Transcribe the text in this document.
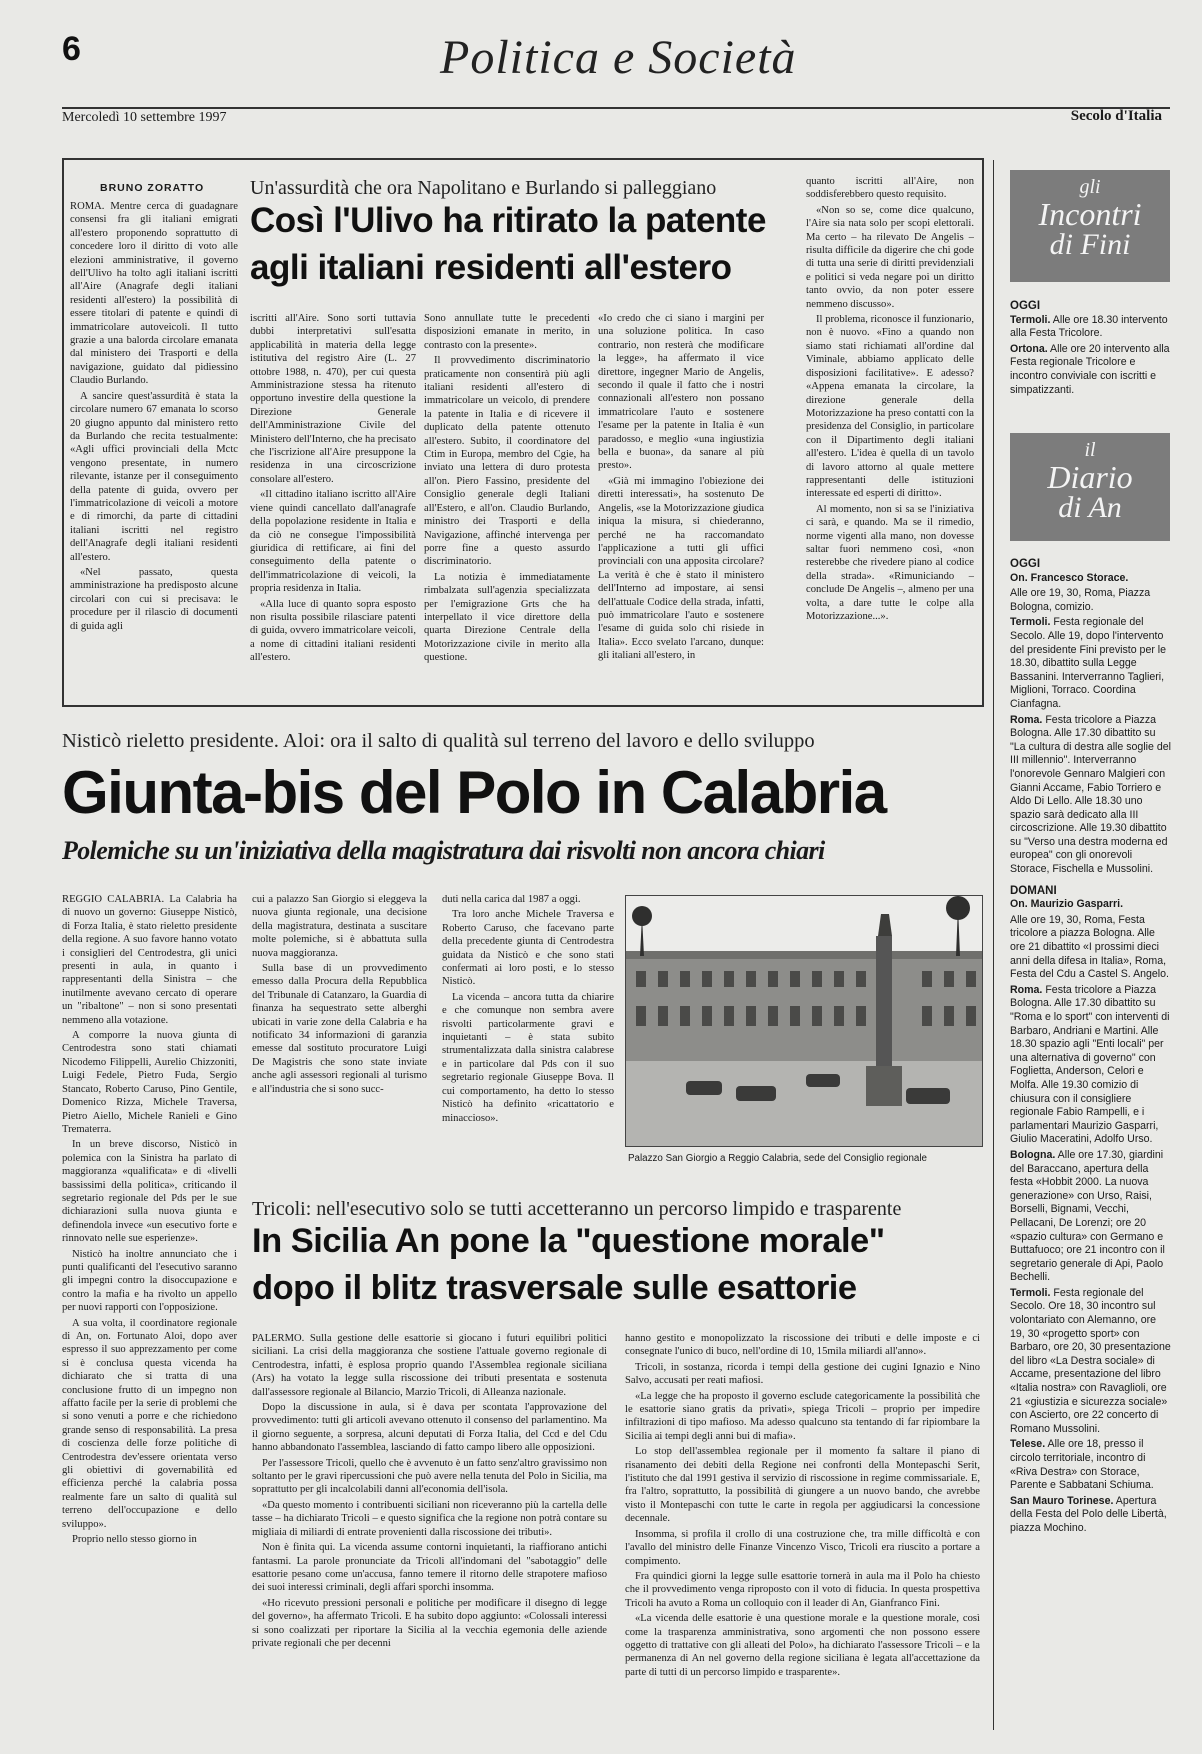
6	Politica e Società
Mercoledì 10 settembre 1997	Secolo d'Italia
BRUNO ZORATTO

ROMA. Mentre cerca di guadagnare consensi fra gli italiani emigrati all'estero proponendo soprattutto di concedere loro il diritto di voto alle elezioni amministrative, il governo dell'Ulivo ha tolto agli italiani iscritti all'Aire (Anagrafe degli italiani residenti all'estero) la possibilità di essere titolari di patente e quindi di immatricolare autoveicoli. Il tutto grazie a una balorda circolare emanata dal ministero dei Trasporti e della navigazione, guidato dal pidiessino Claudio Burlando.

A sancire quest'assurdità è stata la circolare numero 67 emanata lo scorso 20 giugno appunto dal ministero retto da Burlando che recita testualmente: «Agli uffici provinciali della Mctc vengono presentate, in numero rilevante, istanze per il conseguimento della patente di guida, ovvero per l'immatricolazione di veicoli a motore e di rimorchi, da parte di cittadini italiani iscritti nel registro dell'Anagrafe degli italiani residenti all'estero.

«Nel passato, questa amministrazione ha predisposto alcune circolari con cui si precisava: le procedure per il rilascio di documenti di guida agli

Un'assurdità che ora Napolitano e Burlando si palleggiano
Così l'Ulivo ha ritirato la patente
agli italiani residenti all'estero

iscritti all'Aire. Sono sorti tuttavia dubbi interpretativi sull'esatta applicabilità in materia della legge istitutiva del registro Aire (L. 27 ottobre 1988, n. 470), per cui questa Amministrazione stessa ha ritenuto opportuno investire della questione la Direzione Generale dell'Amministrazione Civile del Ministero dell'Interno, che ha precisato che l'iscrizione all'Aire presuppone la residenza in una circoscrizione consolare all'estero.

«Il cittadino italiano iscritto all'Aire viene quindi cancellato dall'anagrafe della popolazione residente in Italia e da ciò ne consegue l'impossibilità giuridica di rettificare, ai fini del conseguimento della patente o dell'immatricolazione di veicoli, la propria residenza in Italia.

«Alla luce di quanto sopra esposto non risulta possibile rilasciare patenti di guida, ovvero immatricolare veicoli, a nome di cittadini italiani residenti all'estero.

Sono annullate tutte le precedenti disposizioni emanate in merito, in contrasto con la presente».

Il provvedimento discriminatorio praticamente non consentirà più agli italiani residenti all'estero di immatricolare un veicolo, di prendere la patente in Italia e di ricevere il duplicato della patente ottenuto all'estero. Subito, il coordinatore del Ctim in Europa, membro del Cgie, ha inviato una lettera di duro protesta all'on. Piero Fassino, presidente del Consiglio generale degli Italiani all'Estero, e all'on. Claudio Burlando, ministro dei Trasporti e della Navigazione, affinché intervenga per porre fine a questo assurdo discriminatorio.

La notizia è immediatamente rimbalzata sull'agenzia specializzata per l'emigrazione Grts che ha interpellato il vice direttore della quarta Direzione Centrale della Motorizzazione civile in merito alla questione.

«Io credo che ci siano i margini per una soluzione politica. In caso contrario, non resterà che modificare la legge», ha affermato il vice direttore, ingegner Mario de Angelis, secondo il quale il fatto che i nostri connazionali all'estero non possano immatricolare l'auto e sostenere l'esame per la patente in Italia è «un paradosso, e meglio «una ingiustizia bella e buona», da sanare al più presto».

«Già mi immagino l'obiezione dei diretti interessati», ha sostenuto De Angelis, «se la Motorizzazione giudica iniqua la misura, si chiederanno, perché ne ha raccomandato l'applicazione a tutti gli uffici provinciali con una apposita circolare? La verità è che è stato il ministero dell'Interno ad impostare, ai sensi dell'attuale Codice della strada, infatti, può immatricolare l'auto e sostenere l'esame di guida solo chi risiede in Italia». Ecco svelato l'arcano, dunque: gli italiani all'estero, in

quanto iscritti all'Aire, non soddisferebbero questo requisito.

«Non so se, come dice qualcuno, l'Aire sia nata solo per scopi elettorali. Ma certo – ha rilevato De Angelis – risulta difficile da digerire che chi gode di tutta una serie di diritti previdenziali e politici si veda negare poi un diritto tanto ovvio, da non poter essere nemmeno discusso».

Il problema, riconosce il funzionario, non è nuovo. «Fino a quando non siamo stati richiamati all'ordine dal Viminale, abbiamo applicato delle disposizioni facilitative». E adesso? «Appena emanata la circolare, la direzione generale della Motorizzazione ha preso contatti con la presidenza del Consiglio, in particolare con il Dipartimento degli italiani all'estero. L'idea è quella di un tavolo di lavoro attorno al quale mettere rappresentanti delle istituzioni interessate ed esperti di diritto».

Al momento, non si sa se l'iniziativa ci sarà, e quando. Ma se il rimedio, norme vigenti alla mano, non dovesse saltar fuori nemmeno così, «non resterebbe che rivedere piano al codice della strada». «Rimuniciando – conclude De Angelis –, almeno per una volta, a dare tutte le colpe alla Motorizzazione...».

Nisticò rieletto presidente. Aloi: ora il salto di qualità sul terreno del lavoro e dello sviluppo
Giunta-bis del Polo in Calabria
Polemiche su un'iniziativa della magistratura dai risvolti non ancora chiari

REGGIO CALABRIA. La Calabria ha di nuovo un governo: Giuseppe Nisticò, di Forza Italia, è stato rieletto presidente della regione. A suo favore hanno votato i consiglieri del Centrodestra, gli unici presenti in aula, in quanto i rappresentanti della Sinistra – che inutilmente avevano cercato di operare un "ribaltone" – non si sono presentati nemmeno alla votazione.

A comporre la nuova giunta di Centrodestra sono stati chiamati Nicodemo Filippelli, Aurelio Chizzoniti, Luigi Fedele, Pietro Fuda, Sergio Stancato, Roberto Caruso, Pino Gentile, Domenico Rizza, Michele Traversa, Pietro Aiello, Michele Ranieli e Gino Trematerra.

In un breve discorso, Nisticò in polemica con la Sinistra ha parlato di maggioranza «qualificata» e di «livelli bassissimi della politica», criticando il segretario regionale del Pds per le sue dichiarazioni sulla nuova giunta e definendola invece «un esecutivo forte e rinnovato nelle sue esperienze».

Nisticò ha inoltre annunciato che i punti qualificanti del l'esecutivo saranno gli impegni contro la disoccupazione e contro la mafia e ha rivolto un appello per nuovi rapporti con l'opposizione.

A sua volta, il coordinatore regionale di An, on. Fortunato Aloi, dopo aver espresso il suo apprezzamento per come si è conclusa questa vicenda ha dichiarato che si tratta di una conclusione frutto di un impegno non affatto facile per la serie di problemi che si sono venuti a porre e che richiedono grande senso di responsabilità. La presa di coscienza delle forze politiche di Centrodestra dev'essere orientata verso gli obiettivi di governabilità ed efficienza perché la calabria possa realmente fare un salto di qualità sul terreno dell'occupazione e dello sviluppo».

Proprio nello stesso giorno in

cui a palazzo San Giorgio si eleggeva la nuova giunta regionale, una decisione della magistratura, destinata a suscitare molte polemiche, si è abbattuta sulla nuova maggioranza.

Sulla base di un provvedimento emesso dalla Procura della Repubblica del Tribunale di Catanzaro, la Guardia di finanza ha sequestrato sette alberghi ubicati in varie zone della Calabria e ha notificato 34 informazioni di garanzia emesse dal sostituto procuratore Luigi De Magistris che sono state inviate anche agli assessori regionali al turismo e all'industria che si sono succ-

duti nella carica dal 1987 a oggi.

Tra loro anche Michele Traversa e Roberto Caruso, che facevano parte della precedente giunta di Centrodestra guidata da Nisticò e che sono stati confermati ai loro posti, e lo stesso Nisticò.

La vicenda – ancora tutta da chiarire e che comunque non sembra avere risvolti particolarmente gravi e inquietanti – è stata subito strumentalizzata dalla sinistra calabrese e in particolare dal Pds con il suo segretario regionale Giuseppe Bova. Il cui comportamento, ha detto lo stesso Nisticò ha definito «ricattatorio e minaccioso».

Palazzo San Giorgio a Reggio Calabria, sede del Consiglio regionale
Tricoli: nell'esecutivo solo se tutti accetteranno un percorso limpido e trasparente
In Sicilia An pone la "questione morale"
dopo il blitz trasversale sulle esattorie

PALERMO. Sulla gestione delle esattorie si giocano i futuri equilibri politici siciliani. La crisi della maggioranza che sostiene l'attuale governo regionale di Centrodestra, infatti, è esplosa proprio quando l'Assemblea regionale siciliana (Ars) ha votato la legge sulla riscossione dei tributi presentata e sostenuta dall'assessore regionale al Bilancio, Marzio Tricoli, di Alleanza nazionale.

Dopo la discussione in aula, si è dava per scontata l'approvazione del provvedimento: tutti gli articoli avevano ottenuto il consenso del parlamentino. Ma il giorno seguente, a sorpresa, alcuni deputati di Forza Italia, del Ccd e del Cdu hanno abbandonato l'assemblea, lasciando di fatto campo libero alle opposizioni.

Per l'assessore Tricoli, quello che è avvenuto è un fatto senz'altro gravissimo non soltanto per le gravi ripercussioni che può avere nella tenuta del Polo in Sicilia, ma soprattutto per gli incalcolabili danni all'economia dell'isola.

«Da questo momento i contribuenti siciliani non riceveranno più la cartella delle tasse – ha dichiarato Tricoli – e questo significa che la regione non potrà contare su migliaia di miliardi di entrate provenienti dalla riscossione dei tributi».

Non è finita qui. La vicenda assume contorni inquietanti, la riaffiorano antichi fantasmi. La parole pronunciate da Tricoli all'indomani del "sabotaggio" delle esattorie pesano come un'accusa, fanno temere il ritorno delle strapotere mafioso dei suoi interessi criminali, degli affari sporchi insomma.

«Ho ricevuto pressioni personali e politiche per modificare il disegno di legge del governo», ha affermato Tricoli. E ha subito dopo aggiunto: «Colossali interessi si sono coalizzati per riportare la Sicilia al la vecchia egemonia delle aziende private regionali che per decenni

hanno gestito e monopolizzato la riscossione dei tributi e delle imposte e ci consegnate l'unico di buco, nell'ordine di 10, 15mila miliardi all'anno».

Tricoli, in sostanza, ricorda i tempi della gestione dei cugini Ignazio e Nino Salvo, accusati per reati mafiosi.

«La legge che ha proposto il governo esclude categoricamente la possibilità che le esattorie siano gratis da privati», spiega Tricoli – proprio per impedire infiltrazioni di tipo mafioso. Ma adesso qualcuno sta tentando di far ripiombare la Sicilia ai tempi degli anni bui di mafia».

Lo stop dell'assemblea regionale per il momento fa saltare il piano di risanamento dei debiti della Regione nei confronti della Montepaschi Serit, l'istituto che dal 1991 gestiva il servizio di riscossione in regime commissariale. E, fra l'altro, soprattutto, la possibilità di giungere a un nuovo bando, che avrebbe visto il Montepaschi con tutte le carte in regola per aggiudicarsi la concessione decennale.

Insomma, si profila il crollo di una costruzione che, tra mille difficoltà e con l'avallo del ministro delle Finanze Vincenzo Visco, Tricoli era riuscito a portare a compimento.

Fra quindici giorni la legge sulle esattorie tornerà in aula ma il Polo ha chiesto che il provvedimento venga riproposto con il voto di fiducia. In questa prospettiva Tricoli ha avuto a Roma un colloquio con il leader di An, Gianfranco Fini.

«La vicenda delle esattorie è una questione morale e la questione morale, così come la trasparenza amministrativa, sono argomenti che non possono essere oggetto di trattative con gli alleati del Polo», ha dichiarato l'assessore Tricoli – e la permanenza di An nel governo della regione siciliana è legata all'accettazione da parte di tutti di un percorso limpido e trasparente».

gli
Incontri
di Fini
OGGI

Termoli. Alle ore 18.30 intervento alla Festa Tricolore.

Ortona. Alle ore 20 intervento alla Festa regionale Tricolore e incontro conviviale con iscritti e simpatizzanti.

il
Diario
di An
OGGI

On. Francesco Storace.

Alle ore 19, 30, Roma, Piazza Bologna, comizio.

Termoli. Festa regionale del Secolo. Alle 19, dopo l'intervento del presidente Fini previsto per le 18.30, dibattito sulla Legge Bassanini. Interverranno Taglieri, Miglioni, Torraco. Coordina Cianfagna.

Roma. Festa tricolore a Piazza Bologna. Alle 17.30 dibattito su "La cultura di destra alle soglie del III millennio". Interverranno l'onorevole Gennaro Malgieri con Gianni Accame, Fabio Torriero e Aldo Di Lello. Alle 18.30 uno spazio sarà dedicato alla III circoscrizione. Alle 19.30 dibattito su "Verso una destra moderna ed europea" con gli onorevoli Storace, Fischella e Mussolini.

DOMANI

On. Maurizio Gasparri.

Alle ore 19, 30, Roma, Festa tricolore a piazza Bologna. Alle ore 21 dibattito «I prossimi dieci anni della difesa in Italia», Roma, Festa del Cdu a Castel S. Angelo.

Roma. Festa tricolore a Piazza Bologna. Alle 17.30 dibattito su "Roma e lo sport" con interventi di Barbaro, Andriani e Martini. Alle 18.30 spazio agli "Enti locali" per una alternativa di governo" con Foglietta, Anderson, Celori e Molfa. Alle 19.30 comizio di chiusura con il consigliere regionale Fabio Rampelli, e i parlamentari Maurizio Gasparri, Giulio Maceratini, Adolfo Urso.

Bologna. Alle ore 17.30, giardini del Baraccano, apertura della festa «Hobbit 2000. La nuova generazione» con Urso, Raisi, Borselli, Bignami, Vecchi, Pellacani, De Lorenzi; ore 20 «spazio cultura» con Germano e Buttafuoco; ore 21 incontro con il segretario generale di Api, Paolo Bechelli.

Termoli. Festa regionale del Secolo. Ore 18, 30 incontro sul volontariato con Alemanno, ore 19, 30 «progetto sport» con Barbaro, ore 20, 30 presentazione del libro «La Destra sociale» di Accame, presentazione del libro «Italia nostra» con Ravaglioli, ore 21 «giustizia e sicurezza sociale» con Ascierto, ore 22 concerto di Romano Mussolini.

Telese. Alle ore 18, presso il circolo territoriale, incontro di «Riva Destra» con Storace, Parente e Sabbatani Schiuma.

San Mauro Torinese. Apertura della Festa del Polo delle Libertà, piazza Mochino.
